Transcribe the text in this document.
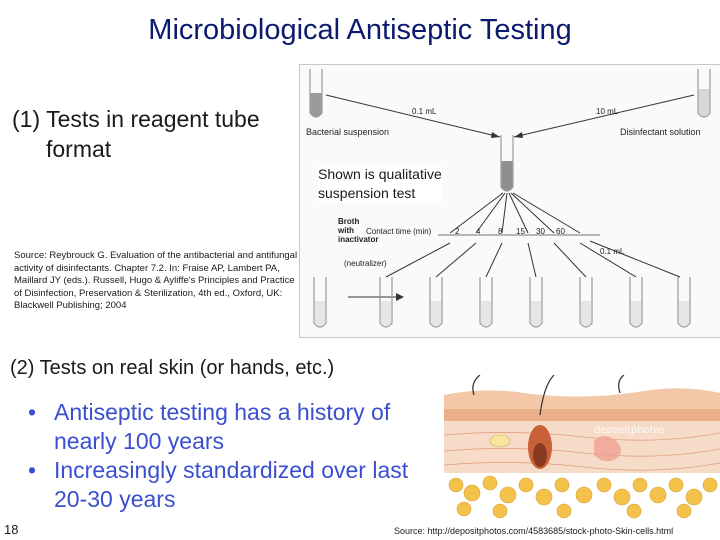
Microbiological Antiseptic Testing
(1) Tests in reagent tube
format
Source: Reybrouck G. Evaluation of the antibacterial and antifungal activity of disinfectants. Chapter 7.2. In: Fraise AP, Lambert PA, Maillard JY (eds.). Russell, Hugo & Ayliffe's Principles and Practice of Disinfection, Preservation & Sterilization, 4th ed., Oxford, UK: Blackwell Publishing; 2004
Bacterial suspension	Disinfectant solution
0.1 mL	10 mL
Broth
with
inactivator
(neutralizer)
Contact time (min)	2 4 8 15 30 60
0.1 mL
Shown is qualitative
suspension test
(2) Tests on real skin (or hands, etc.)
• Antiseptic testing has a history of nearly 100 years
• Increasingly standardized over last 20-30 years
depositphotos
18	Source: http://depositphotos.com/4583685/stock-photo-Skin-cells.html
